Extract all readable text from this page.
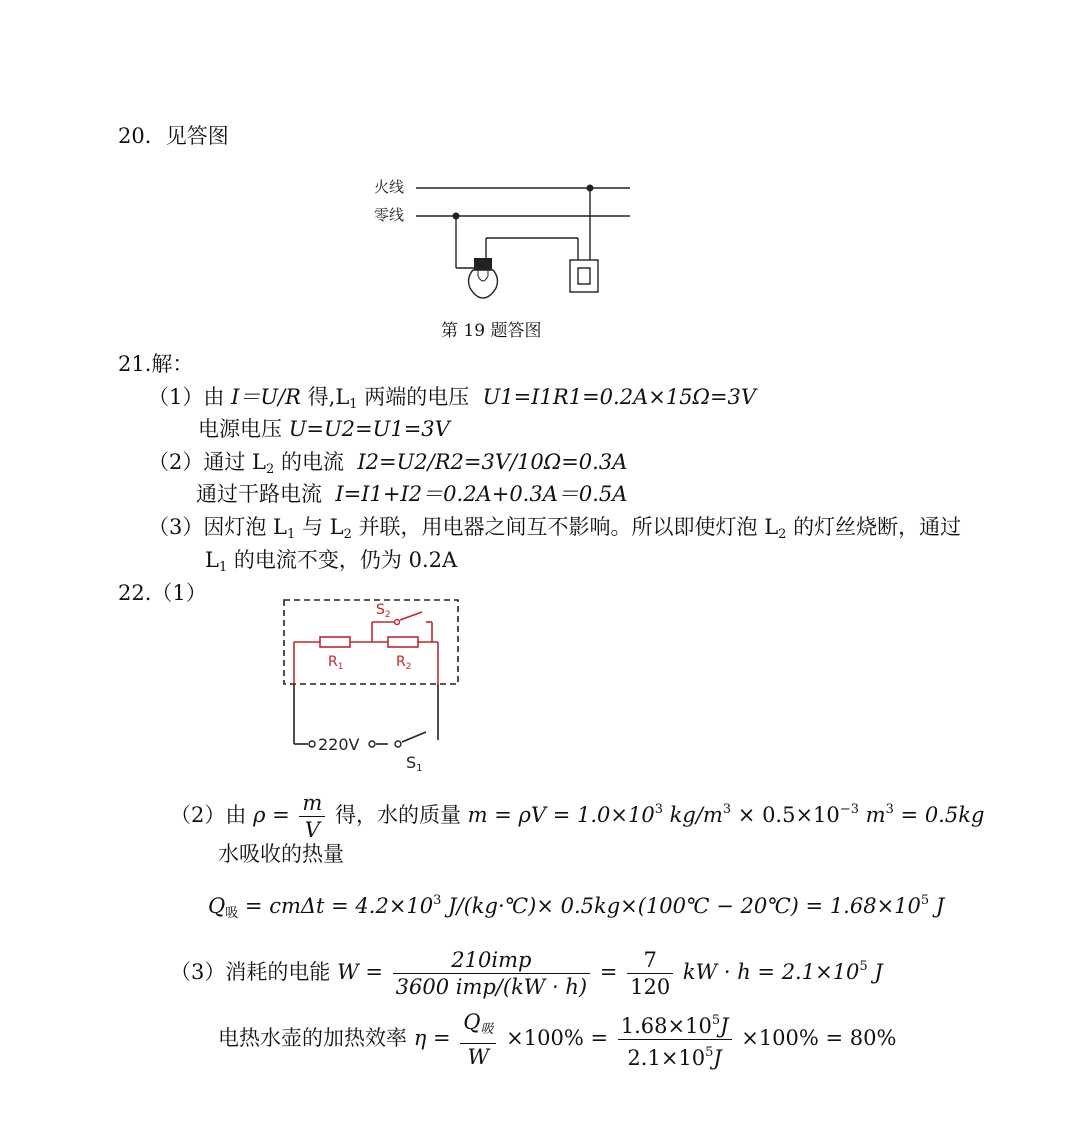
20．见答图
火线
零线
第 19 题答图
21.解：
（1）由 I＝U/R 得$,L_1$ 两端的电压 U1=I1R1=0.2A×15Ω=3V
电源电压 U=U2=U1=3V
（2）通过 $L_2$ 的电流 I2=U2/R2=3V/10Ω=0.3A
通过干路电流 I=I1+I2＝0.2A+0.3A＝0.5A
（3）因灯泡 $L_1$ 与 $L_2$ 并联，用电器之间互不影响。所以即使灯泡 $L_2$ 的灯丝烧断，通过
$L_1$ 的电流不变，仍为 0.2A
22.（1）
$S_2$
$R_1$	$R_2$
220V
S1
（2）由 $\rho = \frac{m}{V}$ 得，水的质量 $m = \rho V = 1.0\times 10^3$ $kg/m^3 \times 0.5\times 10^{-3}$ $m^3 = 0.5kg$
水吸收的热量
$Q_吸 = cm\Delta t = 4.2\times 10^3$ J/(kg·℃)× 0.5kg×(100℃ − 20℃) = $1.68\times 10^5$ J
（3）消耗的电能 $W = \frac{\text{210imp}}{\text{3600 imp/(kW · h)}} = \frac{7}{120}$ kW · $h = 2.1\times 10^5$ J
电热水壶的加热效率 $\eta = \frac{Q_吸}{W} \times 100\% = \frac{1.68\times 10^5J}{2.1\times 10^5J} \times 100\% = 80\%$
